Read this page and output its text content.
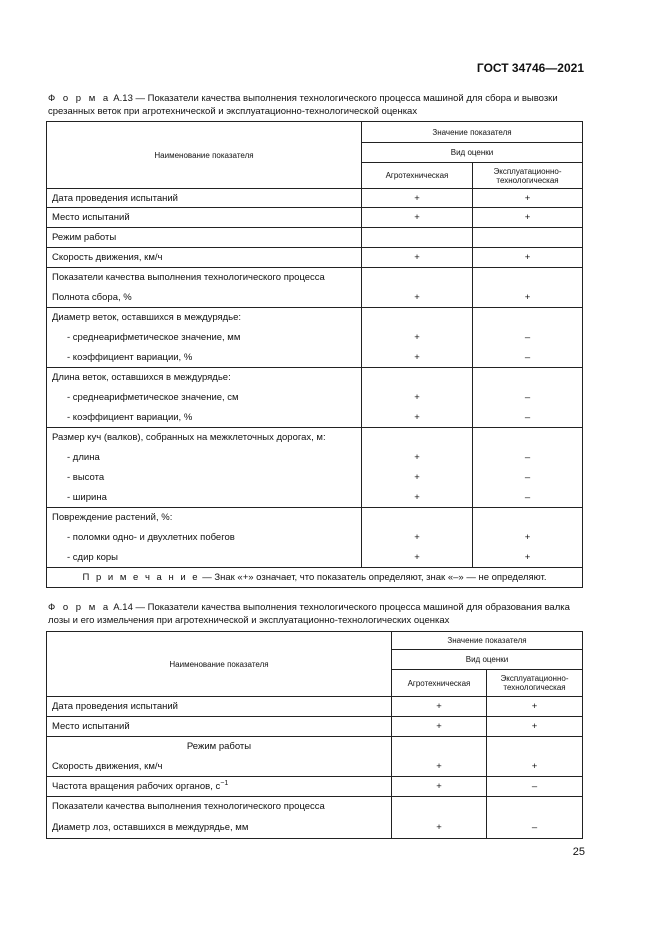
ГОСТ 34746—2021
Ф о р м а А.13 — Показатели качества выполнения технологического процесса машиной для сбора и вывозки срезанных веток при агротехнической и эксплуатационно-технологической оценках
Наименование показателя	Значение показателя	
	Вид оценки	
	Агротехническая	Эксплуатационно-технологическая
Дата проведения испытаний	+	+
Место испытаний	+	+
Режим работы		
Скорость движения, км/ч	+	+
Показатели качества выполнения технологического процесса		
Полнота сбора, %	+	+
Диаметр веток, оставшихся в междурядье:		
- среднеарифметическое значение, мм	+	–
- коэффициент вариации, %	+	–
Длина веток, оставшихся в междурядье:		
- среднеарифметическое значение, см	+	–
- коэффициент вариации, %	+	–
Размер куч (валков), собранных на межклеточных дорогах, м:		
- длина	+	–
- высота	+	–
- ширина	+	–
Повреждение растений, %:		
- поломки одно- и двухлетних побегов	+	+
- сдир коры	+	+
П р и м е ч а н и е — Знак «+» означает, что показатель определяют, знак «–» — не определяют.		
Ф о р м а А.14 — Показатели качества выполнения технологического процесса машиной для образования валка лозы и его измельчения при агротехнической и эксплуатационно-технологических оценках
Наименование показателя	Значение показателя	
	Вид оценки	
	Агротехническая	Эксплуатационно-технологическая
Дата проведения испытаний	+	+
Место испытаний	+	+
Режим работы		
Скорость движения, км/ч	+	+
Частота вращения рабочих органов, $с^{-1}$	+	–
Показатели качества выполнения технологического процесса		
Диаметр лоз, оставшихся в междурядье, мм	+	–
25
